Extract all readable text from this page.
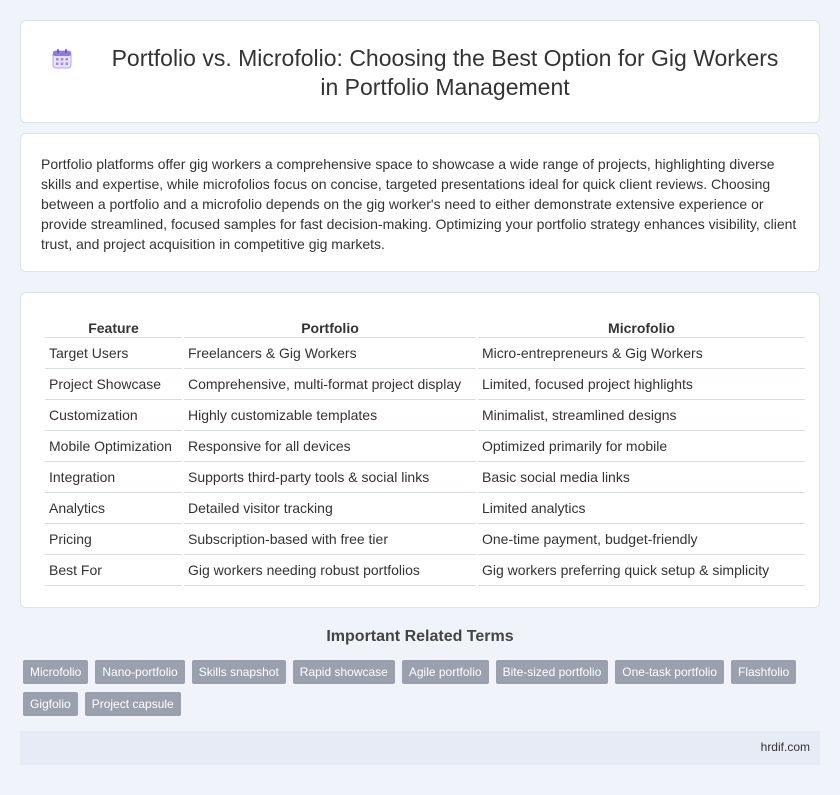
Portfolio vs. Microfolio: Choosing the Best Option for Gig Workers in Portfolio Management

Portfolio platforms offer gig workers a comprehensive space to showcase a wide range of projects, highlighting diverse skills and expertise, while microfolios focus on concise, targeted presentations ideal for quick client reviews. Choosing between a portfolio and a microfolio depends on the gig worker's need to either demonstrate extensive experience or provide streamlined, focused samples for fast decision-making. Optimizing your portfolio strategy enhances visibility, client trust, and project acquisition in competitive gig markets.

Feature	Portfolio	Microfolio
Target Users	Freelancers & Gig Workers	Micro-entrepreneurs & Gig Workers
Project Showcase	Comprehensive, multi-format project display	Limited, focused project highlights
Customization	Highly customizable templates	Minimalist, streamlined designs
Mobile Optimization	Responsive for all devices	Optimized primarily for mobile
Integration	Supports third-party tools & social links	Basic social media links
Analytics	Detailed visitor tracking	Limited analytics
Pricing	Subscription-based with free tier	One-time payment, budget-friendly
Best For	Gig workers needing robust portfolios	Gig workers preferring quick setup & simplicity
Important Related Terms
Microfolio	Nano-portfolio	Skills snapshot	Rapid showcase	Agile portfolio	Bite-sized portfolio	One-task portfolio	Flashfolio
Gigfolio	Project capsule
hrdif.com
